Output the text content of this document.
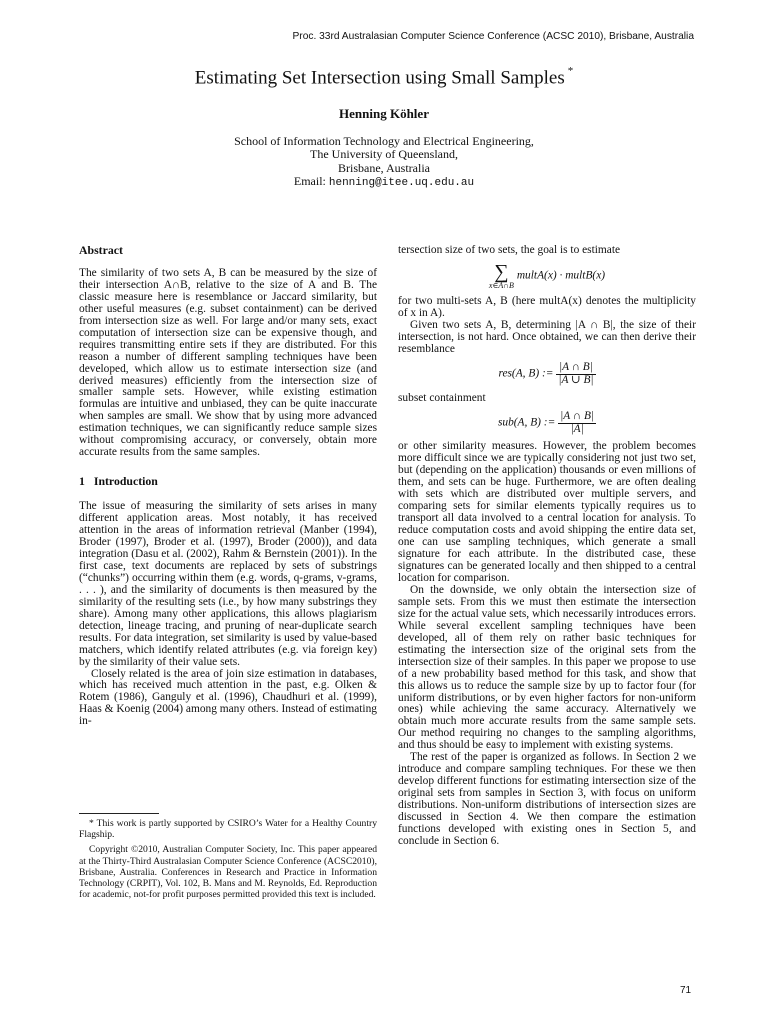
Proc. 33rd Australasian Computer Science Conference (ACSC 2010), Brisbane, Australia
Estimating Set Intersection using Small Samples *
Henning Köhler
School of Information Technology and Electrical Engineering,
The University of Queensland,
Brisbane, Australia
Email: henning@itee.uq.edu.au
Abstract

The similarity of two sets A, B can be measured by the size of their intersection A∩B, relative to the size of A and B. The classic measure here is resemblance or Jaccard similarity, but other useful measures (e.g. subset containment) can be derived from intersection size as well. For large and/or many sets, exact computation of intersection size can be expensive though, and requires transmitting entire sets if they are distributed. For this reason a number of different sampling techniques have been developed, which allow us to estimate intersection size (and derived measures) efficiently from the intersection size of smaller sample sets. However, while existing estimation formulas are intuitive and unbiased, they can be quite inaccurate when samples are small. We show that by using more advanced estimation techniques, we can significantly reduce sample sizes without compromising accuracy, or conversely, obtain more accurate results from the same samples.

1 Introduction

The issue of measuring the similarity of sets arises in many different application areas. Most notably, it has received attention in the areas of information retrieval (Manber (1994), Broder (1997), Broder et al. (1997), Broder (2000)), and data integration (Dasu et al. (2002), Rahm & Bernstein (2001)). In the first case, text documents are replaced by sets of substrings (“chunks”) occurring within them (e.g. words, q-grams, v-grams, . . . ), and the similarity of documents is then measured by the similarity of the resulting sets (i.e., by how many substrings they share). Among many other applications, this allows plagiarism detection, lineage tracing, and pruning of near-duplicate search results. For data integration, set similarity is used by value-based matchers, which identify related attributes (e.g. via foreign key) by the similarity of their value sets.

Closely related is the area of join size estimation in databases, which has received much attention in the past, e.g. Olken & Rotem (1986), Ganguly et al. (1996), Chaudhuri et al. (1999), Haas & Koenig (2004) among many others. Instead of estimating in-

* This work is partly supported by CSIRO’s Water for a Healthy Country Flagship.

Copyright ©2010, Australian Computer Society, Inc. This paper appeared at the Thirty-Third Australasian Computer Science Conference (ACSC2010), Brisbane, Australia. Conferences in Research and Practice in Information Technology (CRPIT), Vol. 102, B. Mans and M. Reynolds, Ed. Reproduction for academic, not-for profit purposes permitted provided this text is included.

tersection size of two sets, the goal is to estimate

∑
x∈A∩B
multA(x) · multB(x)

for two multi-sets A, B (here multA(x) denotes the multiplicity of x in A).

Given two sets A, B, determining |A ∩ B|, the size of their intersection, is not hard. Once obtained, we can then derive their resemblance

res(A, B) := $\frac{|A \cap B|}{|A \cup B|}$

subset containment

sub(A, B) := $\frac{|A \cap B|}{|A|}$

or other similarity measures. However, the problem becomes more difficult since we are typically considering not just two set, but (depending on the application) thousands or even millions of them, and sets can be huge. Furthermore, we are often dealing with sets which are distributed over multiple servers, and comparing sets for similar elements typically requires us to transport all data involved to a central location for analysis. To reduce computation costs and avoid shipping the entire data set, one can use sampling techniques, which generate a small signature for each attribute. In the distributed case, these signatures can be generated locally and then shipped to a central location for comparison.

On the downside, we only obtain the intersection size of sample sets. From this we must then estimate the intersection size for the actual value sets, which necessarily introduces errors. While several excellent sampling techniques have been developed, all of them rely on rather basic techniques for estimating the intersection size of the original sets from the intersection size of their samples. In this paper we propose to use of a new probability based method for this task, and show that this allows us to reduce the sample size by up to factor four (for uniform distributions, or by even higher factors for non-uniform ones) while achieving the same accuracy. Alternatively we obtain much more accurate results from the same sample sets. Our method requiring no changes to the sampling algorithms, and thus should be easy to implement with existing systems.

The rest of the paper is organized as follows. In Section 2 we introduce and compare sampling techniques. For these we then develop different functions for estimating intersection size of the original sets from samples in Section 3, with focus on uniform distributions. Non-uniform distributions of intersection sizes are discussed in Section 4. We then compare the estimation functions developed with existing ones in Section 5, and conclude in Section 6.

71
